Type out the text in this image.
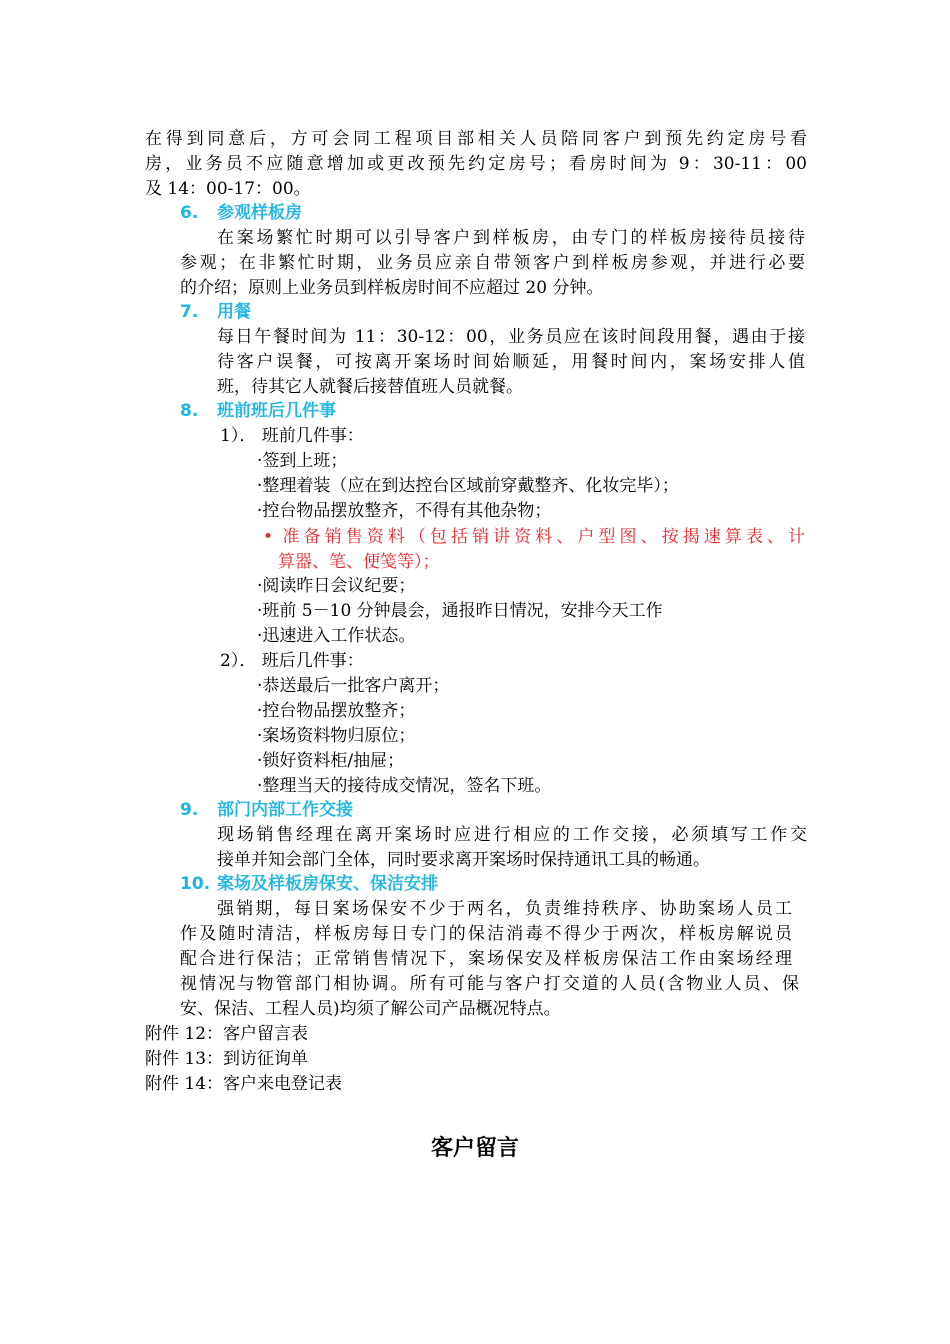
在得到同意后，方可会同工程项目部相关人员陪同客户到预先约定房号看
房，业务员不应随意增加或更改预先约定房号；看房时间为 9：30-11：00
及 14：00-17：00。
6. 参观样板房
在案场繁忙时期可以引导客户到样板房，由专门的样板房接待员接待
参观；在非繁忙时期，业务员应亲自带领客户到样板房参观，并进行必要
的介绍；原则上业务员到样板房时间不应超过 20 分钟。
7. 用餐
每日午餐时间为 11：30-12：00，业务员应在该时间段用餐，遇由于接
待客户误餐，可按离开案场时间始顺延，用餐时间内，案场安排人值
班，待其它人就餐后接替值班人员就餐。
8. 班前班后几件事
1）． 班前几件事：
·签到上班；
·整理着装（应在到达控台区域前穿戴整齐、化妆完毕）；
·控台物品摆放整齐，不得有其他杂物；
• 准备销售资料（包括销讲资料、户型图、按揭速算表、计
算器、笔、便笺等）；
·阅读昨日会议纪要；
·班前 5－10 分钟晨会，通报昨日情况，安排今天工作
·迅速进入工作状态。
2）． 班后几件事：
·恭送最后一批客户离开；
·控台物品摆放整齐；
·案场资料物归原位；
·锁好资料柜/抽屉；
·整理当天的接待成交情况，签名下班。
9. 部门内部工作交接
现场销售经理在离开案场时应进行相应的工作交接，必须填写工作交
接单并知会部门全体，同时要求离开案场时保持通讯工具的畅通。
10. 案场及样板房保安、保洁安排
强销期，每日案场保安不少于两名，负责维持秩序、协助案场人员工
作及随时清洁，样板房每日专门的保洁消毒不得少于两次，样板房解说员
配合进行保洁；正常销售情况下，案场保安及样板房保洁工作由案场经理
视情况与物管部门相协调。所有可能与客户打交道的人员(含物业人员、保
安、保洁、工程人员)均须了解公司产品概况特点。
附件 12：客户留言表
附件 13：到访征询单
附件 14：客户来电登记表
客户留言
